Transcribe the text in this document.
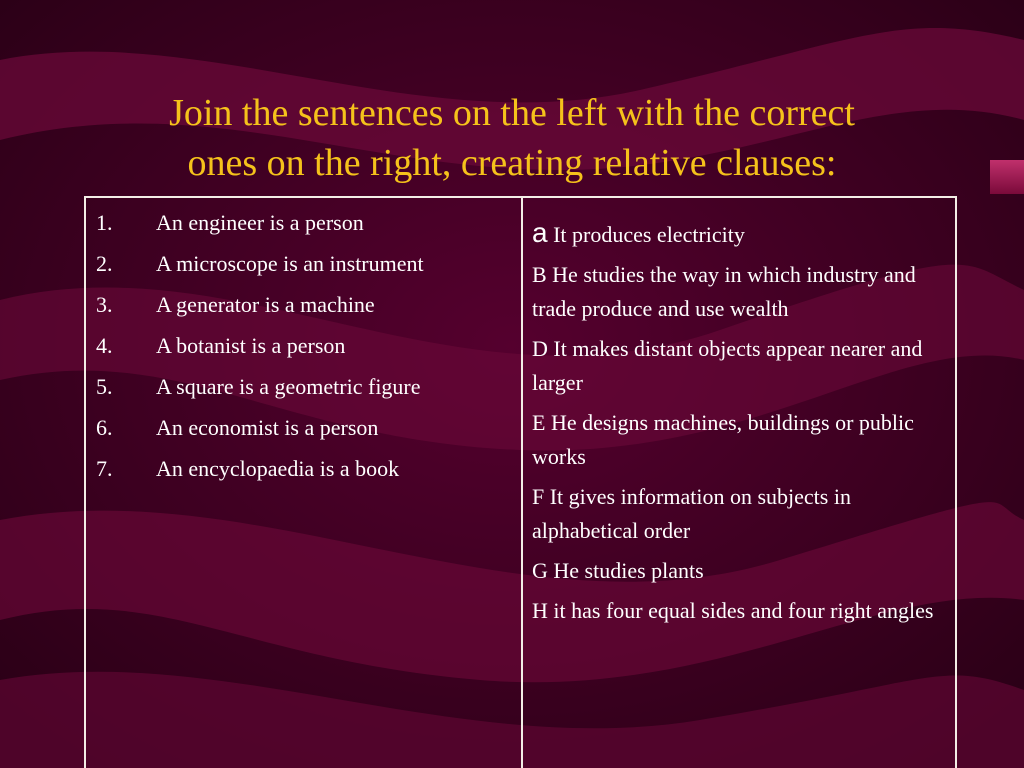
Join the sentences on the left with the correct
ones on the right, creating relative clauses:
1.	An engineer is a person
2.	A microscope is an instrument
3.	A generator is a machine
4.	A botanist is a person
5.	A square is a geometric figure
6.	An economist is a person
7.	An encyclopaedia is a book
a It produces electricity
B He studies the way in which industry and trade produce and use wealth
D It makes distant objects appear nearer and larger
E He designs machines, buildings or public works
F It gives information on subjects in alphabetical order
G He studies plants
H it has four equal sides and four right angles
